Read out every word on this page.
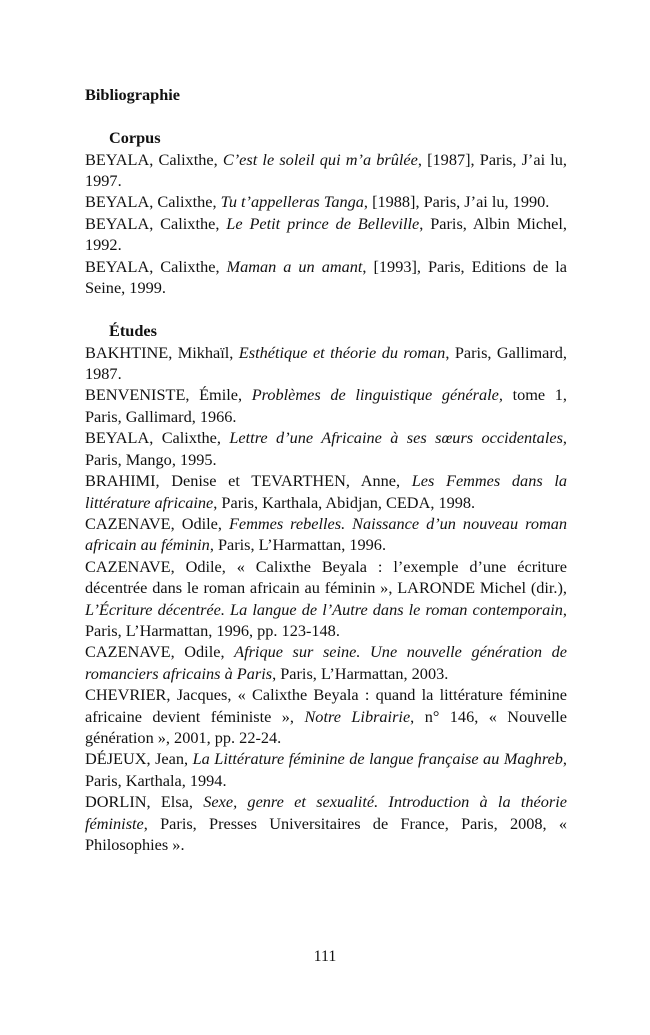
Bibliographie
Corpus

BEYALA, Calixthe, C’est le soleil qui m’a brûlée, [1987], Paris, J’ai lu, 1997.

BEYALA, Calixthe, Tu t’appelleras Tanga, [1988], Paris, J’ai lu, 1990.

BEYALA, Calixthe, Le Petit prince de Belleville, Paris, Albin Michel, 1992.

BEYALA, Calixthe, Maman a un amant, [1993], Paris, Editions de la Seine, 1999.

Études

BAKHTINE, Mikhaïl, Esthétique et théorie du roman, Paris, Gallimard, 1987.

BENVENISTE, Émile, Problèmes de linguistique générale, tome 1, Paris, Gallimard, 1966.

BEYALA, Calixthe, Lettre d’une Africaine à ses sœurs occidentales, Paris, Mango, 1995.

BRAHIMI, Denise et TEVARTHEN, Anne, Les Femmes dans la littérature africaine, Paris, Karthala, Abidjan, CEDA, 1998.

CAZENAVE, Odile, Femmes rebelles. Naissance d’un nouveau roman africain au féminin, Paris, L’Harmattan, 1996.

CAZENAVE, Odile, « Calixthe Beyala : l’exemple d’une écriture décentrée dans le roman africain au féminin », LARONDE Michel (dir.), L’Écriture décentrée. La langue de l’Autre dans le roman contemporain, Paris, L’Harmattan, 1996, pp. 123-148.

CAZENAVE, Odile, Afrique sur seine. Une nouvelle génération de romanciers africains à Paris, Paris, L’Harmattan, 2003.

CHEVRIER, Jacques, « Calixthe Beyala : quand la littérature féminine africaine devient féministe », Notre Librairie, n° 146, « Nouvelle génération », 2001, pp. 22-24.

DÉJEUX, Jean, La Littérature féminine de langue française au Maghreb, Paris, Karthala, 1994.

DORLIN, Elsa, Sexe, genre et sexualité. Introduction à la théorie féministe, Paris, Presses Universitaires de France, Paris, 2008, « Philosophies ».

111
